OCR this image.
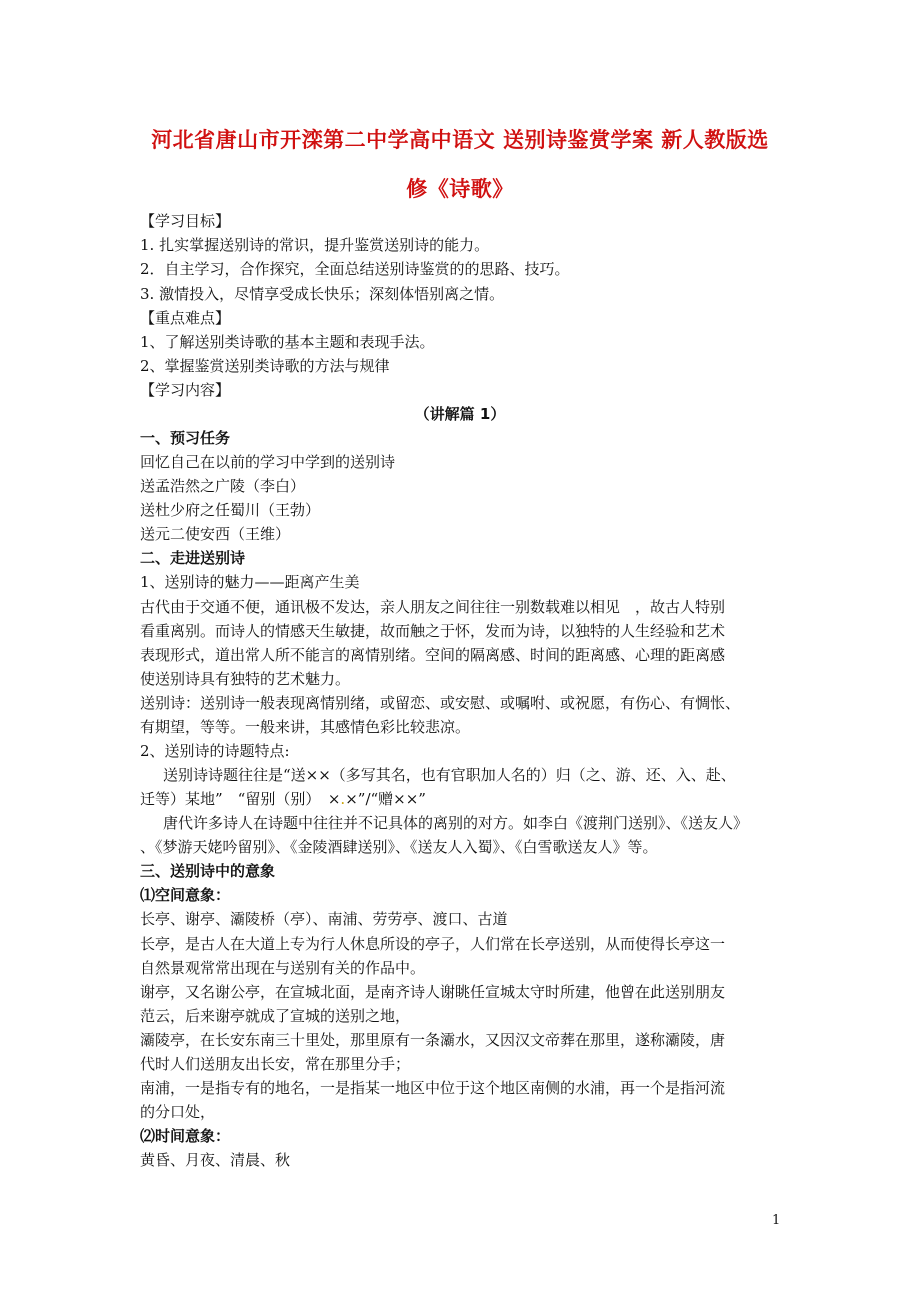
河北省唐山市开滦第二中学高中语文 送别诗鉴赏学案 新人教版选
修《诗歌》
【学习目标】
1. 扎实掌握送别诗的常识，提升鉴赏送别诗的能力。
2．自主学习，合作探究，全面总结送别诗鉴赏的的思路、技巧。
3. 激情投入，尽情享受成长快乐；深刻体悟别离之情。
【重点难点】
1、了解送别类诗歌的基本主题和表现手法。
2、掌握鉴赏送别类诗歌的方法与规律
【学习内容】
（讲解篇 1）
一、预习任务
回忆自己在以前的学习中学到的送别诗
送孟浩然之广陵（李白）
送杜少府之任蜀川（王勃）
送元二使安西（王维）
二、走进送别诗
1、送别诗的魅力——距离产生美
古代由于交通不便，通讯极不发达，亲人朋友之间往往一别数载难以相见　，故古人特别
看重离别。而诗人的情感天生敏捷，故而触之于怀，发而为诗，以独特的人生经验和艺术
表现形式，道出常人所不能言的离情别绪。空间的隔离感、时间的距离感、心理的距离感
使送别诗具有独特的艺术魅力。
送别诗：送别诗一般表现离情别绪，或留恋、或安慰、或嘱咐、或祝愿，有伤心、有惆怅、
有期望，等等。一般来讲，其感情色彩比较悲凉。
2、送别诗的诗题特点:
送别诗诗题往往是“送××（多写其名，也有官职加人名的）归（之、游、还、入、赴、
迁等）某地”　“留别（别）　×.×”/“赠××”
唐代许多诗人在诗题中往往并不记具体的离别的对方。如李白《渡荆门送别》、《送友人》
、《梦游天姥吟留别》、《金陵酒肆送别》、《送友人入蜀》、《白雪歌送友人》等。
三、送别诗中的意象
⑴空间意象：
长亭、谢亭、灞陵桥（亭）、南浦、劳劳亭、渡口、古道
长亭，是古人在大道上专为行人休息所设的亭子，人们常在长亭送别，从而使得长亭这一
自然景观常常出现在与送别有关的作品中。
谢亭，又名谢公亭，在宣城北面，是南齐诗人谢眺任宣城太守时所建，他曾在此送别朋友
范云，后来谢亭就成了宣城的送别之地，
灞陵亭，在长安东南三十里处，那里原有一条灞水，又因汉文帝葬在那里，遂称灞陵，唐
代时人们送朋友出长安，常在那里分手；
南浦，一是指专有的地名，一是指某一地区中位于这个地区南侧的水浦，再一个是指河流
的分口处，
⑵时间意象：
黄昏、月夜、清晨、秋
1
